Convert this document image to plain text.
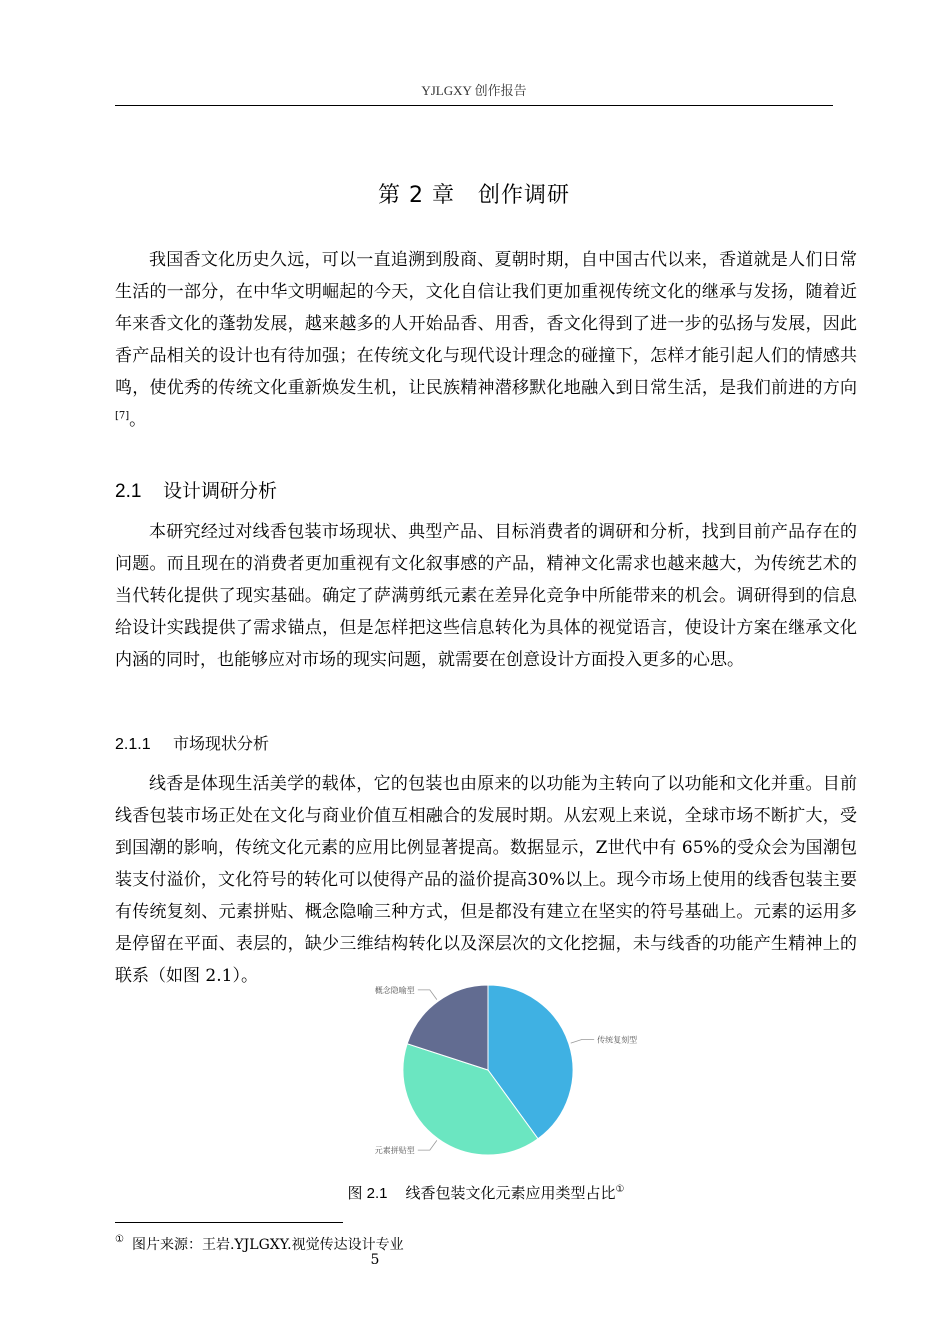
YJLGXY 创作报告
第 2 章　创作调研

我国香文化历史久远，可以一直追溯到殷商、夏朝时期，自中国古代以来，香道就是人们日常生活的一部分，在中华文明崛起的今天，文化自信让我们更加重视传统文化的继承与发扬，随着近年来香文化的蓬勃发展，越来越多的人开始品香、用香，香文化得到了进一步的弘扬与发展，因此香产品相关的设计也有待加强；在传统文化与现代设计理念的碰撞下，怎样才能引起人们的情感共鸣，使优秀的传统文化重新焕发生机，让民族精神潜移默化地融入到日常生活，是我们前进的方向[7]。

2.1 设计调研分析

本研究经过对线香包装市场现状、典型产品、目标消费者的调研和分析，找到目前产品存在的问题。而且现在的消费者更加重视有文化叙事感的产品，精神文化需求也越来越大，为传统艺术的当代转化提供了现实基础。确定了萨满剪纸元素在差异化竞争中所能带来的机会。调研得到的信息给设计实践提供了需求锚点，但是怎样把这些信息转化为具体的视觉语言，使设计方案在继承文化内涵的同时，也能够应对市场的现实问题，就需要在创意设计方面投入更多的心思。

2.1.1 市场现状分析

线香是体现生活美学的载体，它的包装也由原来的以功能为主转向了以功能和文化并重。目前线香包装市场正处在文化与商业价值互相融合的发展时期。从宏观上来说，全球市场不断扩大，受到国潮的影响，传统文化元素的应用比例显著提高。数据显示，Z世代中有 65%的受众会为国潮包装支付溢价，文化符号的转化可以使得产品的溢价提高30%以上。现今市场上使用的线香包装主要有传统复刻、元素拼贴、概念隐喻三种方式，但是都没有建立在坚实的符号基础上。元素的运用多是停留在平面、表层的，缺少三维结构转化以及深层次的文化挖掘，未与线香的功能产生精神上的联系（如图 2.1）。

传统复刻型
元素拼贴型
概念隐喻型
图 2.1 线香包装文化元素应用类型占比①
① 图片来源：王岩.YJLGXY.视觉传达设计专业
5
